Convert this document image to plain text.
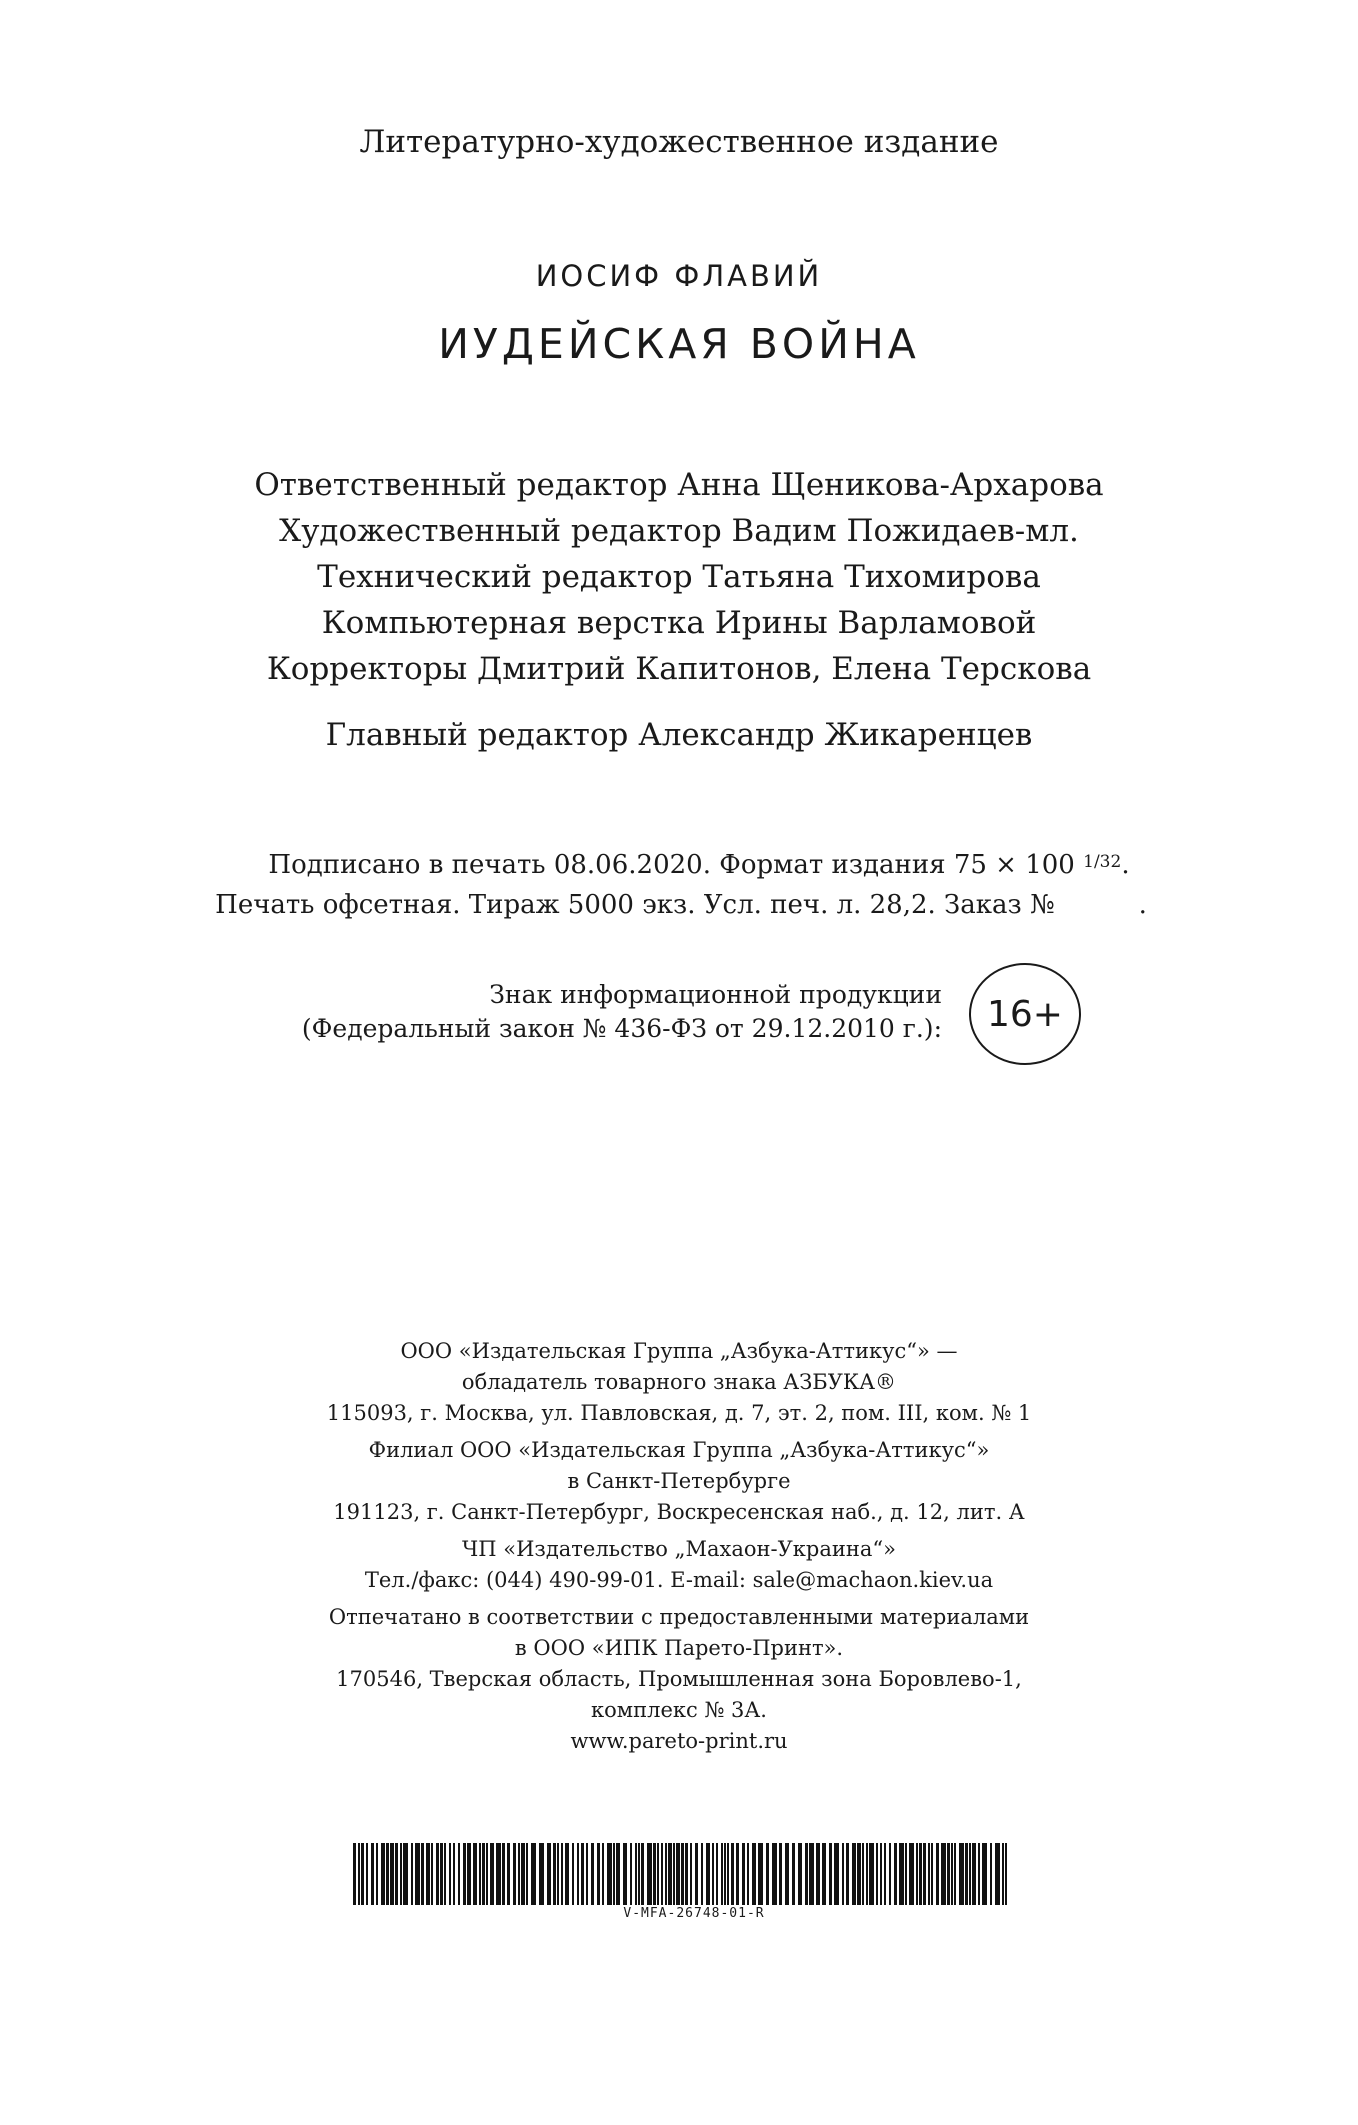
Литературно-художественное издание
ИОСИФ ФЛАВИЙ
ИУДЕЙСКАЯ ВОЙНА
Ответственный редактор Анна Щеникова-Архарова
Художественный редактор Вадим Пожидаев-мл.
Технический редактор Татьяна Тихомирова
Компьютерная верстка Ирины Варламовой
Корректоры Дмитрий Капитонов, Елена Терскова
Главный редактор Александр Жикаренцев
Подписано в печать 08.06.2020. Формат издания 75 × 100 $^{1/32}$.
Печать офсетная. Тираж 5000 экз. Усл. печ. л. 28,2. Заказ №	.
Знак информационной продукции
(Федеральный закон № 436-ФЗ от 29.12.2010 г.):	16+
ООО «Издательская Группа „Азбука-Аттикус“» —
обладатель товарного знака АЗБУКА®
115093, г. Москва, ул. Павловская, д. 7, эт. 2, пом. III, ком. № 1
Филиал ООО «Издательская Группа „Азбука-Аттикус“»
в Санкт-Петербурге
191123, г. Санкт-Петербург, Воскресенская наб., д. 12, лит. А
ЧП «Издательство „Махаон-Украина“»
Тел./факс: (044) 490-99-01. E-mail: sale@machaon.kiev.ua
Отпечатано в соответствии с предоставленными материалами
в ООО «ИПК Парето-Принт».
170546, Тверская область, Промышленная зона Боровлево-1,
комплекс № 3А.
www.pareto-print.ru
V-MFA-26748-01-R
